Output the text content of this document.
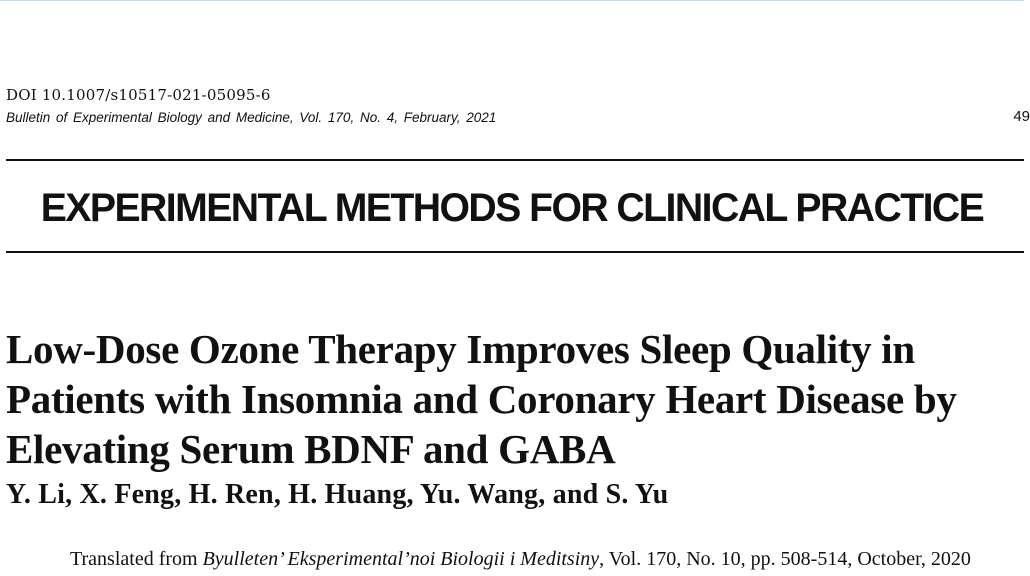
DOI 10.1007/s10517-021-05095-6
Bulletin of Experimental Biology and Medicine, Vol. 170, No. 4, February, 2021	49
EXPERIMENTAL METHODS FOR CLINICAL PRACTICE
Low-Dose Ozone Therapy Improves Sleep Quality in Patients with Insomnia and Coronary Heart Disease by Elevating Serum BDNF and GABA
Y. Li, X. Feng, H. Ren, H. Huang, Yu. Wang, and S. Yu
Translated from Byulleten’ Eksperimental’noi Biologii i Meditsiny, Vol. 170, No. 10, pp. 508-514, October, 2020
